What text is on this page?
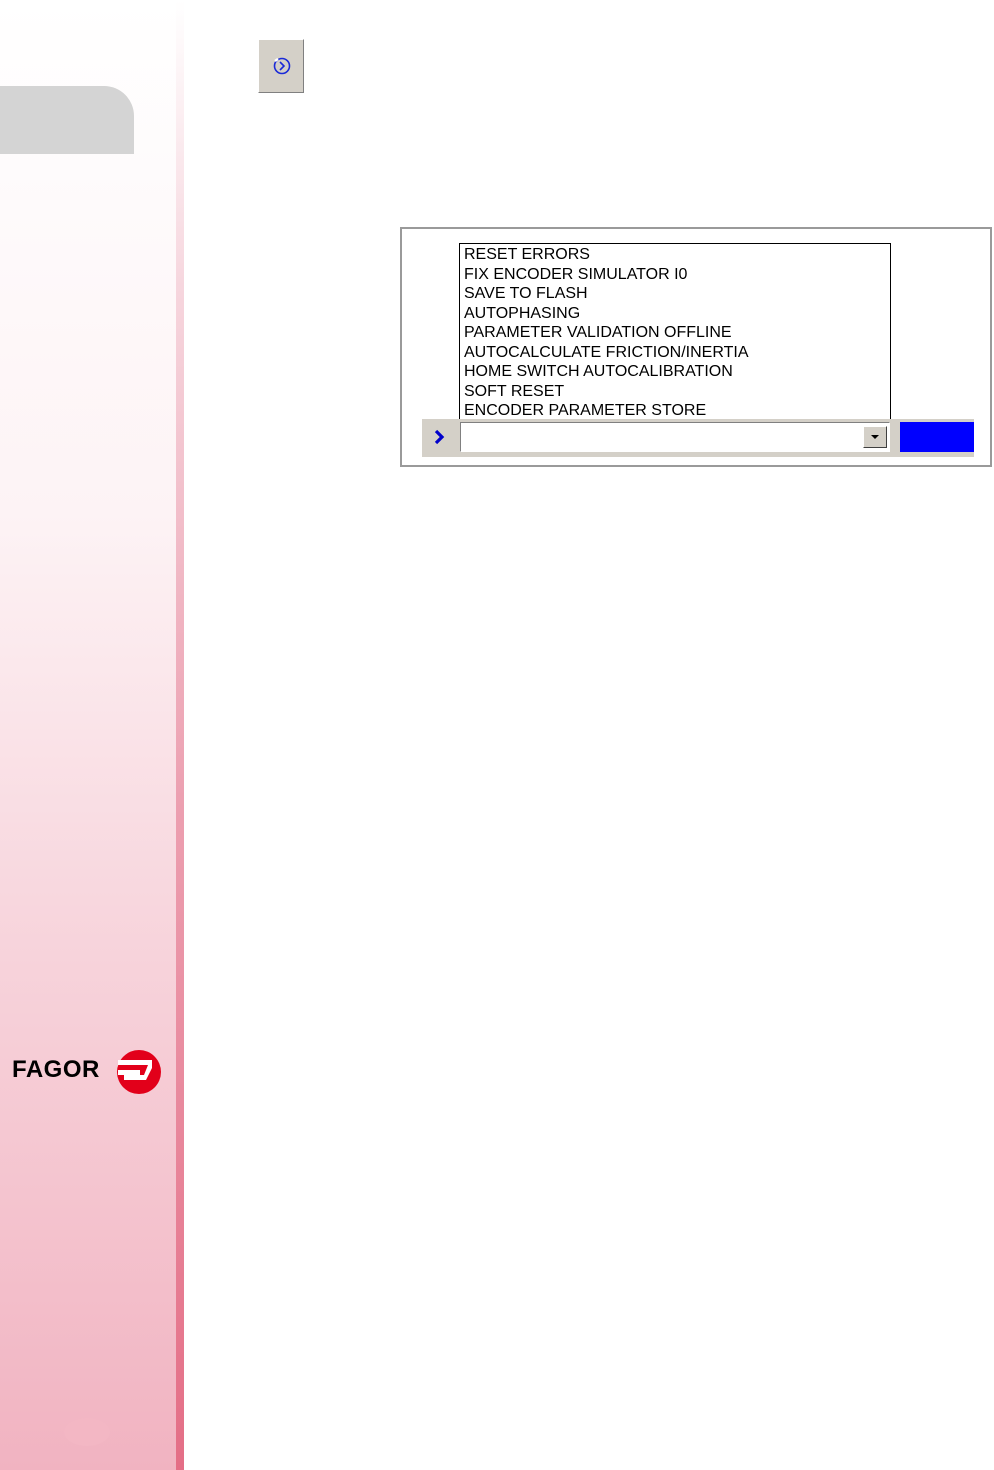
FAGOR
RESET ERRORS
FIX ENCODER SIMULATOR I0
SAVE TO FLASH
AUTOPHASING
PARAMETER VALIDATION OFFLINE
AUTOCALCULATE FRICTION/INERTIA
HOME SWITCH AUTOCALIBRATION
SOFT RESET
ENCODER PARAMETER STORE
